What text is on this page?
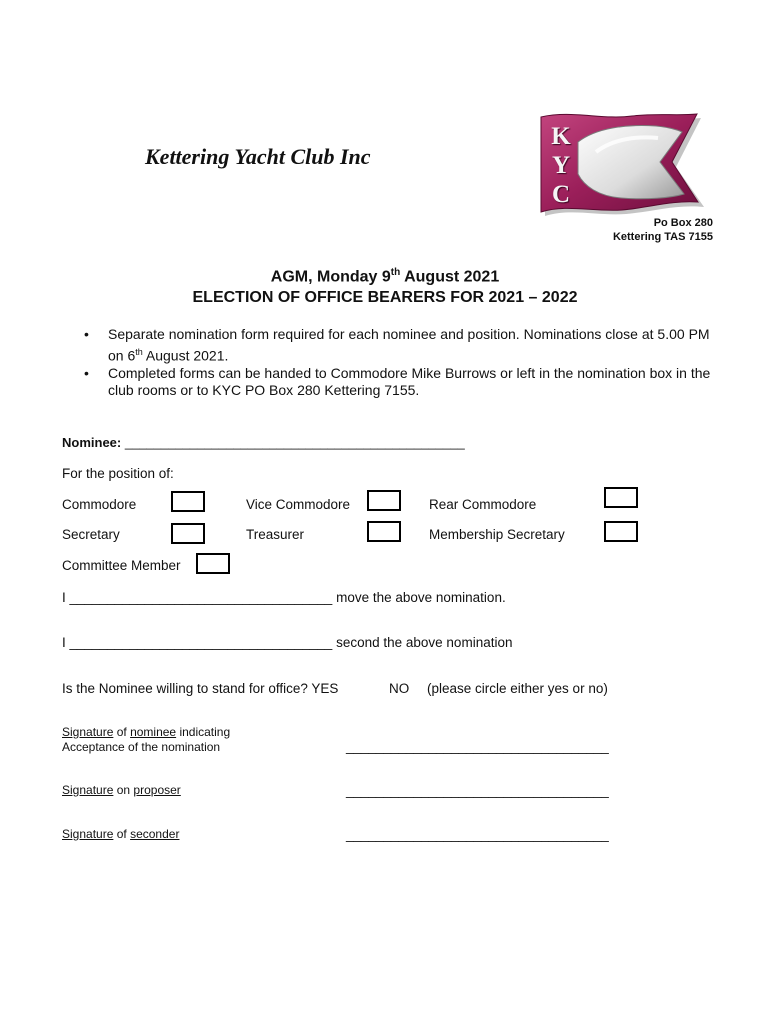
Kettering Yacht Club Inc
K
Y
C
Po Box 280
Kettering TAS 7155
AGM, Monday 9th August 2021
ELECTION OF OFFICE BEARERS FOR 2021 – 2022
• Separate nomination form required for each nominee and position. Nominations close at 5.00 PM on 6th August 2021.
• Completed forms can be handed to Commodore Mike Burrows or left in the nomination box in the club rooms or to KYC PO Box 280 Kettering 7155.
Nominee: _______________________________________________
For the position of:
Commodore	Vice Commodore	Rear Commodore
Secretary	Treasurer	Membership Secretary
Committee Member
I ___________________________________ move the above nomination.
I ___________________________________ second the above nomination
Is the Nominee willing to stand for office? YES	NO (please circle either yes or no)
Signature of nominee indicating
Acceptance of the nomination	___________________________________
Signature on proposer	___________________________________
Signature of seconder	___________________________________
